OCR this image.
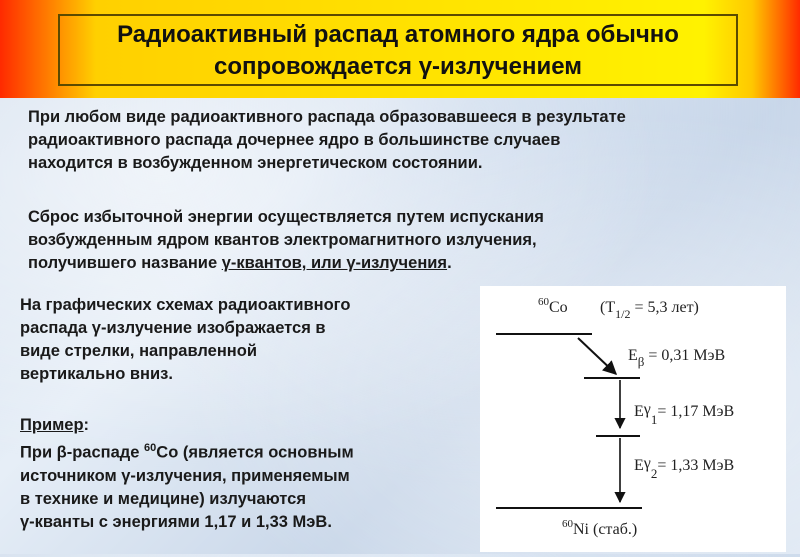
Радиоактивный распад атомного ядра обычно
сопровождается γ-излучением
При любом виде радиоактивного распада образовавшееся в результате
радиоактивного распада дочернее ядро в большинстве случаев
находится в возбужденном энергетическом состоянии.
Сброс избыточной энергии осуществляется путем испускания
возбужденным ядром квантов электромагнитного излучения,
получившего название γ-квантов, или γ-излучения.
На графических схемах радиоактивного
распада γ-излучение изображается в
виде стрелки, направленной
вертикально вниз.
Пример:
При β-распаде $^{60}$Co (является основным
источником γ-излучения, применяемым
в технике и медицине) излучаются
γ-кванты с энергиями 1,17 и 1,33 МэВ.
$^{60}$Co ($T_{1/2} = 5,3$ лет)
$E_\beta = 0,31$ МэВ
$E\gamma_1= 1,17$ МэВ
$E\gamma_2= 1,33$ МэВ
$^{60}$Ni (стаб.)
